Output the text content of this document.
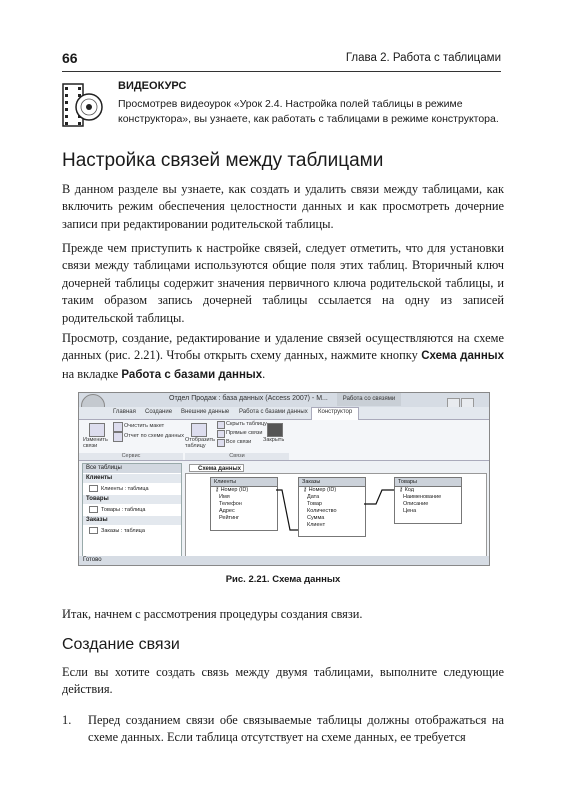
66	Глава 2. Работа с таблицами
ВИДЕОКУРС
Просмотрев видеоурок «Урок 2.4. Настройка полей таблицы в режиме конструктора», вы узнаете, как работать с таблицами в режиме конструктора.
Настройка связей между таблицами

В данном разделе вы узнаете, как создать и удалить связи между таблицами, как включить режим обеспечения целостности данных и как просмотреть дочерние записи при редактировании родительской таблицы.

Прежде чем приступить к настройке связей, следует отметить, что для установки связи между таблицами используются общие поля этих таблиц. Вторичный ключ дочерней таблицы содержит значения первичного ключа родительской таблицы, и таким образом запись дочерней таблицы ссылается на одну из записей родительской таблицы.

Просмотр, создание, редактирование и удаление связей осуществляются на схеме данных (рис. 2.21). Чтобы открыть схему данных, нажмите кнопку Схема данных на вкладке Работа с базами данных.

Отдел Продаж : база данных (Access 2007) - М...	Работа со связями
Главная Создание Внешние данные Работа с базами данных	Конструктор
Изменить связи
Очистить макет
Отчет по схеме данных
Сервис
Отобразить таблицу
Скрыть таблицу
Прямые связи
Все связи Закрыть
Связи
Все таблицы
Клиенты
Клиенты : таблица
Товары
Товары : таблица
Заказы
Заказы : таблица
Схема данных
Клиенты
⚷ Номер (ID)
Имя
Телефон
Адрес
Рейтинг
Заказы
⚷ Номер (ID)
Дата
Товар
Количество
Сумма
Клиент
Товары
⚷ Код
Наименование
Описание
Цена
Готово
Рис. 2.21. Схема данных

Итак, начнем с рассмотрения процедуры создания связи.

Создание связи

Если вы хотите создать связь между двумя таблицами, выполните следующие действия.

1. Перед созданием связи обе связываемые таблицы должны отображаться на схеме данных. Если таблица отсутствует на схеме данных, ее требуется
